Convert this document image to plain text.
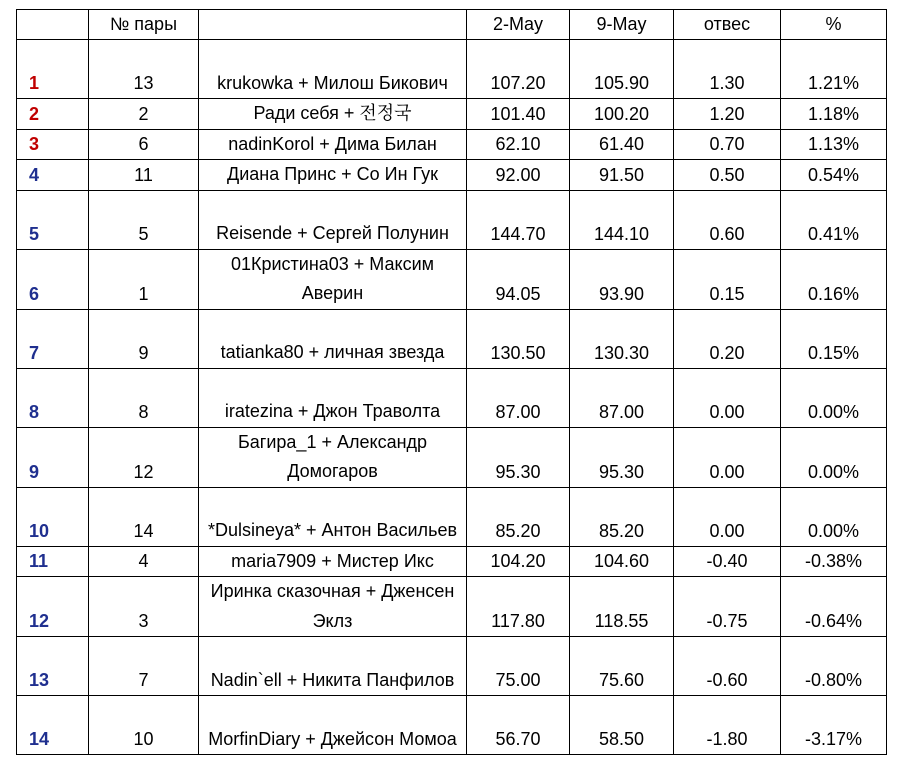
	№ пары		2-May	9-May	отвес	%
1	13	krukowka + Милош Бикович	107.20	105.90	1.30	1.21%
2	2	Ради себя + 전정국	101.40	100.20	1.20	1.18%
3	6	nadinKorol + Дима Билан	62.10	61.40	0.70	1.13%
4	11	Диана Принс + Со Ин Гук	92.00	91.50	0.50	0.54%
5	5	Reisende + Сергей Полунин	144.70	144.10	0.60	0.41%
6	1	01Кристина03 + Максим Аверин	94.05	93.90	0.15	0.16%
7	9	tatianka80 + личная звезда	130.50	130.30	0.20	0.15%
8	8	iratezina + Джон Траволта	87.00	87.00	0.00	0.00%
9	12	Багира_1 + Александр Домогаров	95.30	95.30	0.00	0.00%
10	14	*Dulsineya* + Антон Васильев	85.20	85.20	0.00	0.00%
11	4	maria7909 + Мистер Икс	104.20	104.60	-0.40	-0.38%
12	3	Иринка сказочная + Дженсен Эклз	117.80	118.55	-0.75	-0.64%
13	7	Nadin`ell + Никита Панфилов	75.00	75.60	-0.60	-0.80%
14	10	MorfinDiary + Джейсон Момоа	56.70	58.50	-1.80	-3.17%
